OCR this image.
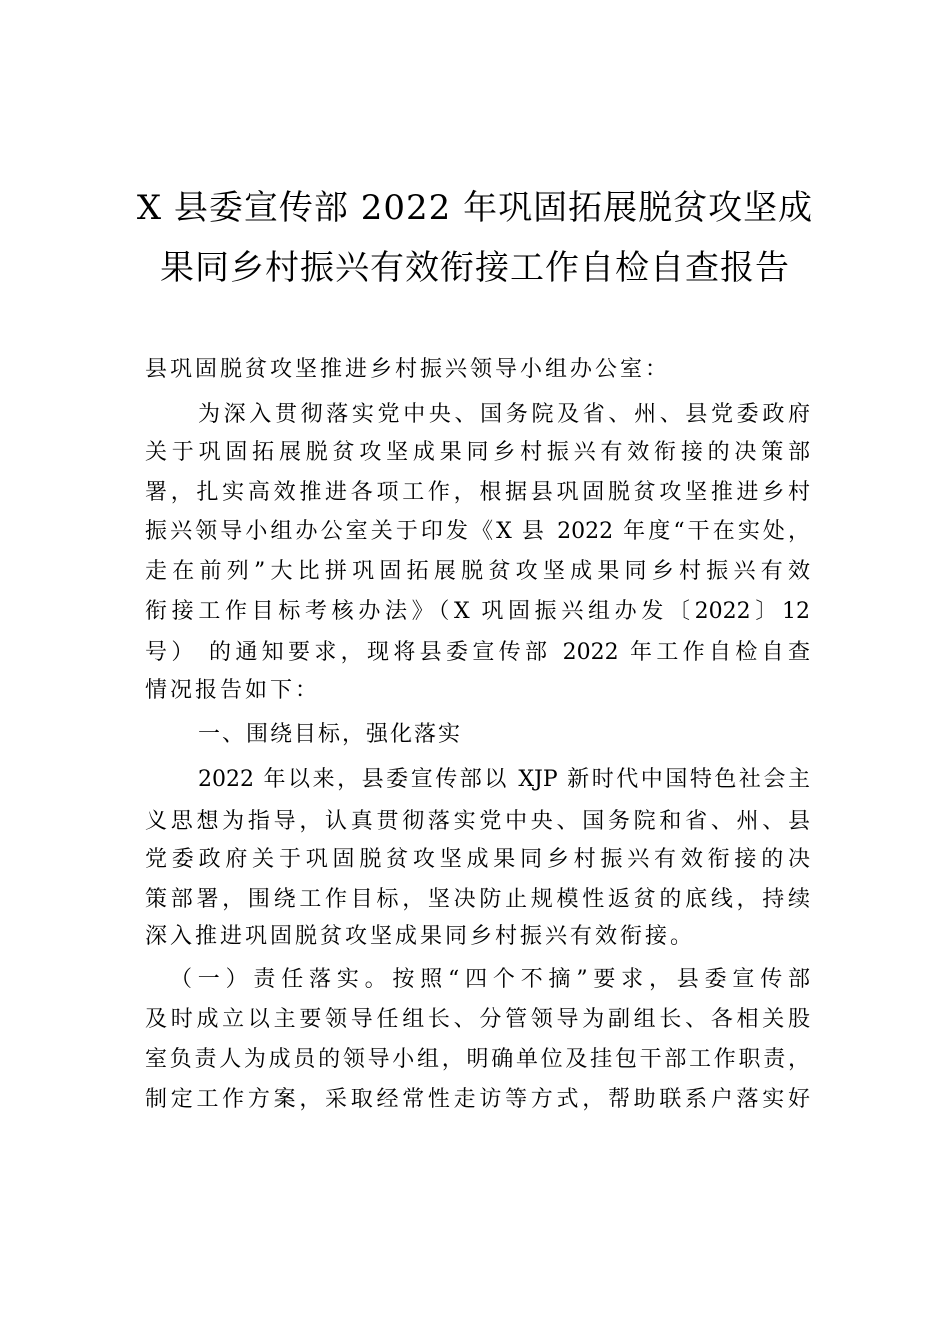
X 县委宣传部 2022 年巩固拓展脱贫攻坚成
果同乡村振兴有效衔接工作自检自查报告
县巩固脱贫攻坚推进乡村振兴领导小组办公室：
为深入贯彻落实党中央、国务院及省、州、县党委政府
关于巩固拓展脱贫攻坚成果同乡村振兴有效衔接的决策部
署，扎实高效推进各项工作，根据县巩固脱贫攻坚推进乡村
振兴领导小组办公室关于印发《X 县 2022 年度“干在实处，
走在前列”大比拼巩固拓展脱贫攻坚成果同乡村振兴有效
衔接工作目标考核办法》（X 巩固振兴组办发〔2022〕12
号） 的通知要求，现将县委宣传部 2022 年工作自检自查
情况报告如下：
一、围绕目标，强化落实
2022 年以来，县委宣传部以 XJP 新时代中国特色社会主
义思想为指导，认真贯彻落实党中央、国务院和省、州、县
党委政府关于巩固脱贫攻坚成果同乡村振兴有效衔接的决
策部署，围绕工作目标，坚决防止规模性返贫的底线，持续
深入推进巩固脱贫攻坚成果同乡村振兴有效衔接。
（一）责任落实。按照“四个不摘”要求，县委宣传部
及时成立以主要领导任组长、分管领导为副组长、各相关股
室负责人为成员的领导小组，明确单位及挂包干部工作职责，
制定工作方案，采取经常性走访等方式，帮助联系户落实好
